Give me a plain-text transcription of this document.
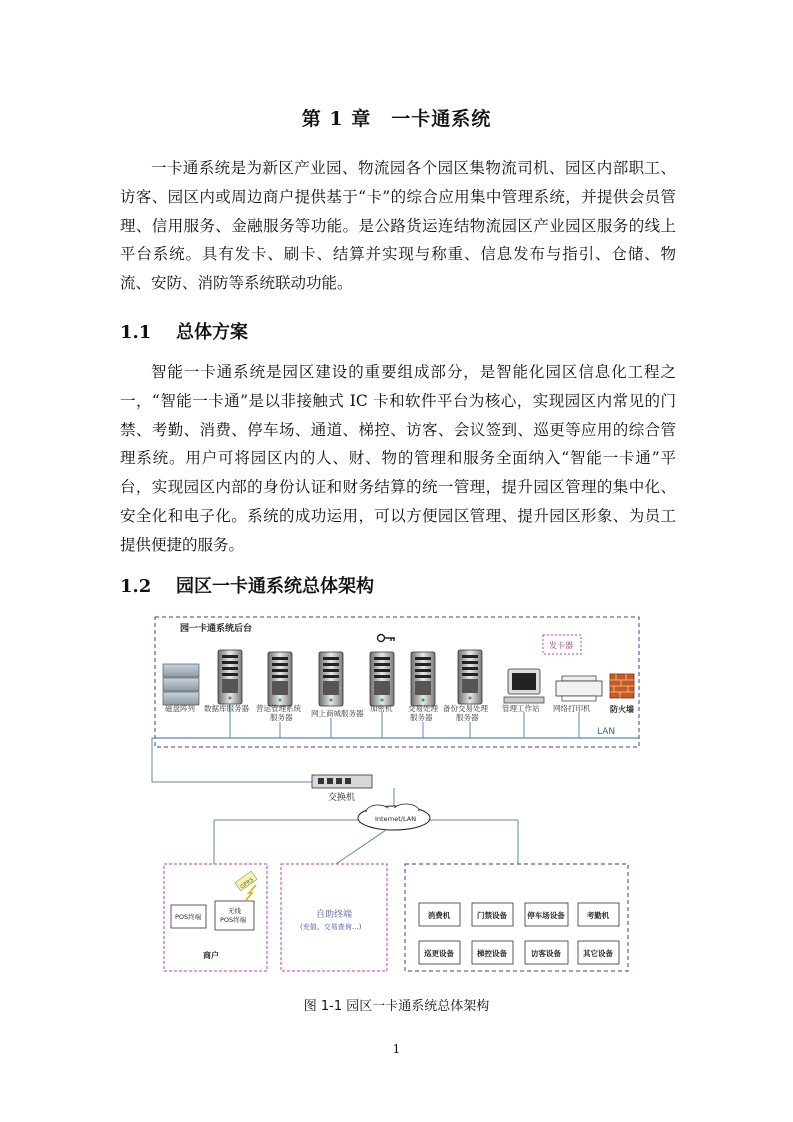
第 1 章　一卡通系统

一卡通系统是为新区产业园、物流园各个园区集物流司机、园区内部职工、访客、园区内或周边商户提供基于“卡”的综合应用集中管理系统，并提供会员管理、信用服务、金融服务等功能。是公路货运连结物流园区产业园区服务的线上平台系统。具有发卡、刷卡、结算并实现与称重、信息发布与指引、仓储、物流、安防、消防等系统联动功能。

1.1 总体方案

智能一卡通系统是园区建设的重要组成部分，是智能化园区信息化工程之一，“智能一卡通”是以非接触式 IC 卡和软件平台为核心，实现园区内常见的门禁、考勤、消费、停车场、通道、梯控、访客、会议签到、巡更等应用的综合管理系统。用户可将园区内的人、财、物的管理和服务全面纳入“智能一卡通”平台，实现园区内部的身份认证和财务结算的统一管理，提升园区管理的集中化、安全化和电子化。系统的成功运用，可以方便园区管理、提升园区形象、为员工提供便捷的服务。

1.2 园区一卡通系统总体架构
园一卡通系统后台
发卡器
磁盘阵列 数据库服务器 营运管理系统
服务器 网上商城服务器
加密机 交易处理
服务器
备份交易处理
服务器
管理工作站 网络打印机 防火墙
LAN
交换机
Internet/LAN
POS终端
无线
POS终端
GPRS
商户
自助终端
(充值、交易查询…)
消费机	门禁设备	停车场设备	考勤机
巡更设备	梯控设备	访客设备	其它设备
图 1-1 园区一卡通系统总体架构
1
